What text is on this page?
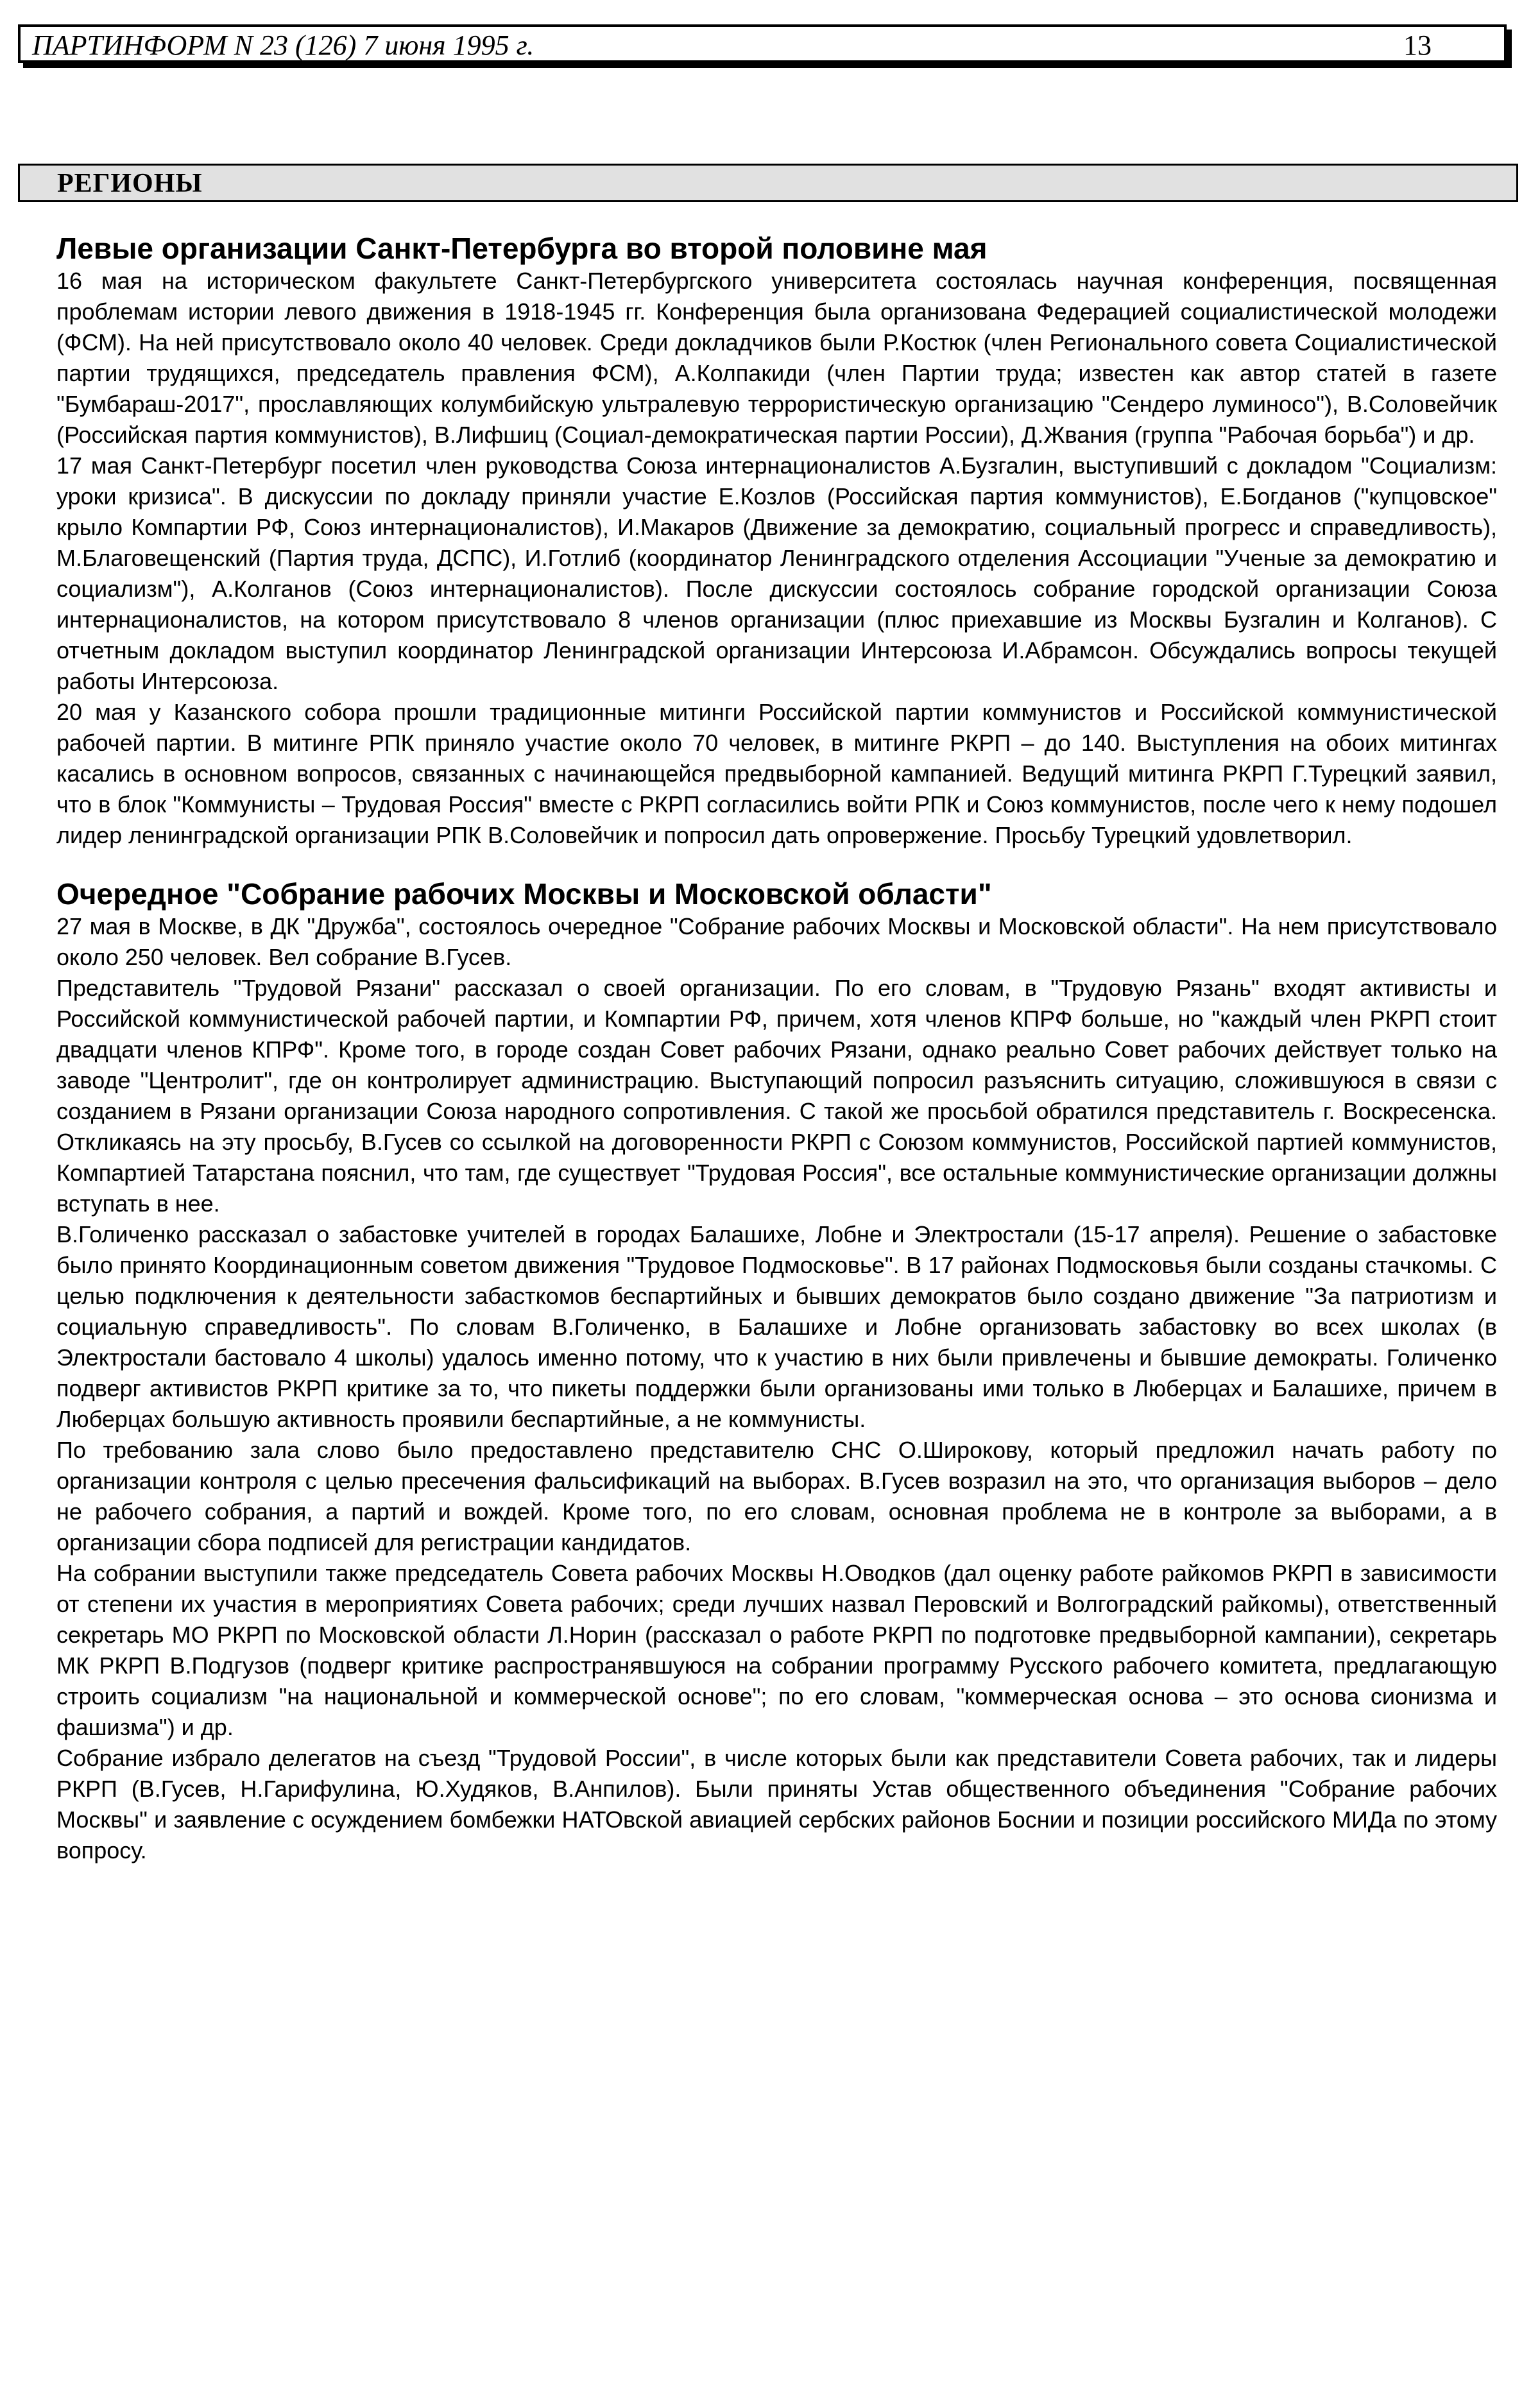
ПАРТИНФОРМ N 23 (126) 7 июня 1995 г.	13
РЕГИОНЫ
Левые организации Санкт-Петербурга во второй половине мая

16 мая на историческом факультете Санкт-Петербургского университета состоялась научная конференция, посвященная проблемам истории левого движения в 1918-1945 гг. Конференция была организована Федерацией социалистической молодежи (ФСМ). На ней присутствовало около 40 человек. Среди докладчиков были Р.Костюк (член Регионального совета Социалистической партии трудящихся, председатель правления ФСМ), А.Колпакиди (член Партии труда; известен как автор статей в газете "Бумбараш-2017", прославляющих колумбийскую ультралевую террористическую организацию "Сендеро луминосо"), В.Соловейчик (Российская партия коммунистов), В.Лифшиц (Социал-демократическая партии России), Д.Жвания (группа "Рабочая борьба") и др.

17 мая Санкт-Петербург посетил член руководства Союза интернационалистов А.Бузгалин, выступивший с докладом "Социализм: уроки кризиса". В дискуссии по докладу приняли участие Е.Козлов (Российская партия коммунистов), Е.Богданов ("купцовское" крыло Компартии РФ, Союз интернационалистов), И.Макаров (Движение за демократию, социальный прогресс и справедливость), М.Благовещенский (Партия труда, ДСПС), И.Готлиб (координатор Ленинградского отделения Ассоциации "Ученые за демократию и социализм"), А.Колганов (Союз интернационалистов). После дискуссии состоялось собрание городской организации Союза интернационалистов, на котором присутствовало 8 членов организации (плюс приехавшие из Москвы Бузгалин и Колганов). С отчетным докладом выступил координатор Ленинградской организации Интерсоюза И.Абрамсон. Обсуждались вопросы текущей работы Интерсоюза.

20 мая у Казанского собора прошли традиционные митинги Российской партии коммунистов и Российской коммунистической рабочей партии. В митинге РПК приняло участие около 70 человек, в митинге РКРП – до 140. Выступления на обоих митингах касались в основном вопросов, связанных с начинающейся предвыборной кампанией. Ведущий митинга РКРП Г.Турецкий заявил, что в блок "Коммунисты – Трудовая Россия" вместе с РКРП согласились войти РПК и Союз коммунистов, после чего к нему подошел лидер ленинградской организации РПК В.Соловейчик и попросил дать опровержение. Просьбу Турецкий удовлетворил.

Очередное "Собрание рабочих Москвы и Московской области"

27 мая в Москве, в ДК "Дружба", состоялось очередное "Собрание рабочих Москвы и Московской области". На нем присутствовало около 250 человек. Вел собрание В.Гусев.

Представитель "Трудовой Рязани" рассказал о своей организации. По его словам, в "Трудовую Рязань" входят активисты и Российской коммунистической рабочей партии, и Компартии РФ, причем, хотя членов КПРФ больше, но "каждый член РКРП стоит двадцати членов КПРФ". Кроме того, в городе создан Совет рабочих Рязани, однако реально Совет рабочих действует только на заводе "Центролит", где он контролирует администрацию. Выступающий попросил разъяснить ситуацию, сложившуюся в связи с созданием в Рязани организации Союза народного сопротивления. С такой же просьбой обратился представитель г. Воскресенска. Откликаясь на эту просьбу, В.Гусев со ссылкой на договоренности РКРП с Союзом коммунистов, Российской партией коммунистов, Компартией Татарстана пояснил, что там, где существует "Трудовая Россия", все остальные коммунистические организации должны вступать в нее.

В.Голиченко рассказал о забастовке учителей в городах Балашихе, Лобне и Электростали (15-17 апреля). Решение о забастовке было принято Координационным советом движения "Трудовое Подмосковье". В 17 районах Подмосковья были созданы стачкомы. С целью подключения к деятельности забасткомов беспартийных и бывших демократов было создано движение "За патриотизм и социальную справедливость". По словам В.Голиченко, в Балашихе и Лобне организовать забастовку во всех школах (в Электростали бастовало 4 школы) удалось именно потому, что к участию в них были привлечены и бывшие демократы. Голиченко подверг активистов РКРП критике за то, что пикеты поддержки были организованы ими только в Люберцах и Балашихе, причем в Люберцах большую активность проявили беспартийные, а не коммунисты.

По требованию зала слово было предоставлено представителю СНС О.Широкову, который предложил начать работу по организации контроля с целью пресечения фальсификаций на выборах. В.Гусев возразил на это, что организация выборов – дело не рабочего собрания, а партий и вождей. Кроме того, по его словам, основная проблема не в контроле за выборами, а в организации сбора подписей для регистрации кандидатов.

На собрании выступили также председатель Совета рабочих Москвы Н.Оводков (дал оценку работе райкомов РКРП в зависимости от степени их участия в мероприятиях Совета рабочих; среди лучших назвал Перовский и Волгоградский райкомы), ответственный секретарь МО РКРП по Московской области Л.Норин (рассказал о работе РКРП по подготовке предвыборной кампании), секретарь МК РКРП В.Подгузов (подверг критике распространявшуюся на собрании программу Русского рабочего комитета, предлагающую строить социализм "на национальной и коммерческой основе"; по его словам, "коммерческая основа – это основа сионизма и фашизма") и др.

Собрание избрало делегатов на съезд "Трудовой России", в числе которых были как представители Совета рабочих, так и лидеры РКРП (В.Гусев, Н.Гарифулина, Ю.Худяков, В.Анпилов). Были приняты Устав общественного объединения "Собрание рабочих Москвы" и заявление с осуждением бомбежки НАТОвской авиацией сербских районов Боснии и позиции российского МИДа по этому вопросу.
